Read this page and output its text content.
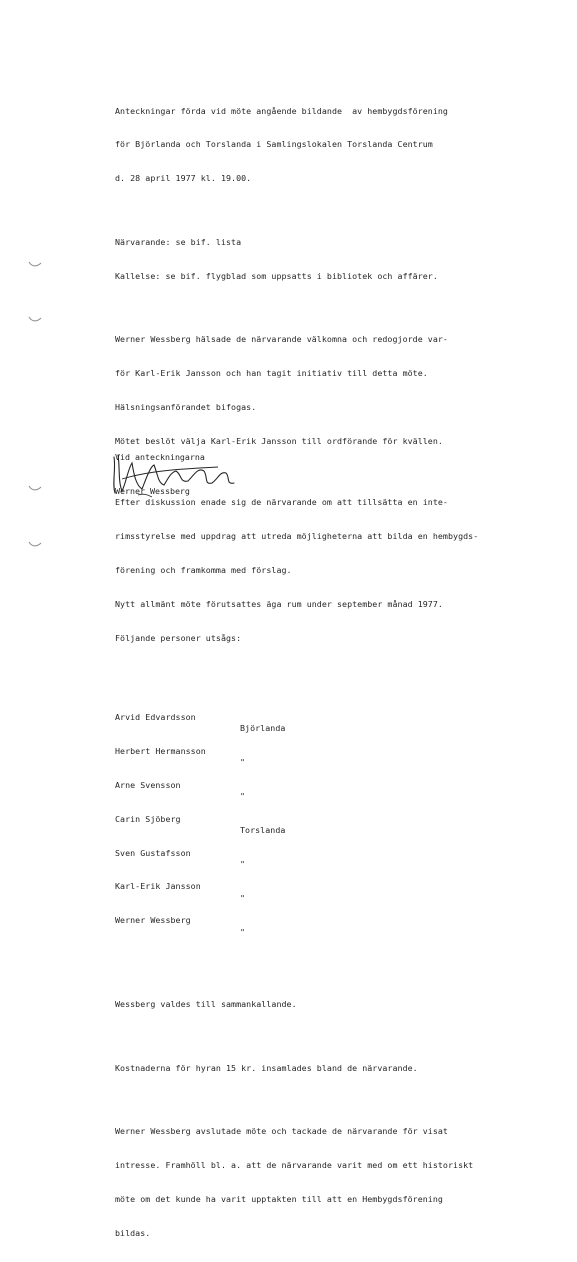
Anteckningar förda vid möte angående bildande  av hembygdsförening

för Björlanda och Torslanda i Samlingslokalen Torslanda Centrum

d. 28 april 1977 kl. 19.00.

Närvarande: se bif. lista

Kallelse: se bif. flygblad som uppsatts i bibliotek och affärer.

Werner Wessberg hälsade de närvarande välkomna och redogjorde var-

för Karl-Erik Jansson och han tagit initiativ till detta möte.

Hälsningsanförandet bifogas.

Mötet beslöt välja Karl-Erik Jansson till ordförande för kvällen.

Efter diskussion enade sig de närvarande om att tillsätta en inte-

rimsstyrelse med uppdrag att utreda möjligheterna att bilda en hembygds-

förening och framkomma med förslag.

Nytt allmänt möte förutsattes äga rum under september månad 1977.

Följande personer utsågs:

Arvid Edvardsson

Björlanda

Herbert Hermansson

"

Arne Svensson

"

Carin Sjöberg

Torslanda

Sven Gustafsson

"

Karl-Erik Jansson

"

Werner Wessberg

"

Wessberg valdes till sammankallande.

Kostnaderna för hyran 15 kr. insamlades bland de närvarande.

Werner Wessberg avslutade möte och tackade de närvarande för visat

intresse. Framhöll bl. a. att de närvarande varit med om ett historiskt

möte om det kunde ha varit upptakten till att en Hembygdsförening

bildas.

Vid anteckningarna
Werner Wessberg
